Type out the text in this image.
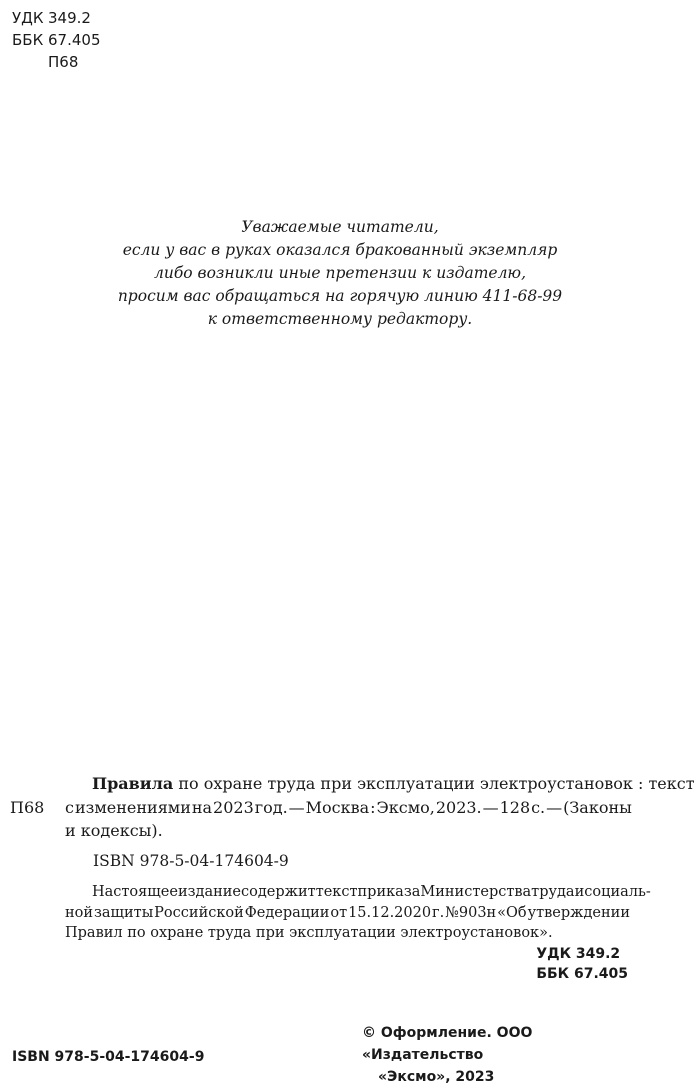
УДК 349.2
ББК 67.405
П68
Уважаемые читатели,
если у вас в руках оказался бракованный экземпляр
либо возникли иные претензии к издателю,
просим вас обращаться на горячую линию 411-68-99
к ответственному редактору.
П68
Правила по охране труда при эксплуатации электроустановок : текст
с изменениями на 2023 год. — Москва : Эксмо, 2023. — 128 с. — (Законы
и кодексы).
ISBN 978-5-04-174604-9
Настоящее издание содержит текст приказа Министерства труда и социаль-
ной защиты Российской Федерации от 15.12.2020 г. №903н «Об утверждении
Правил по охране труда при эксплуатации электроустановок».
УДК 349.2
ББК 67.405
© Оформление. ООО «Издательство
«Эксмо», 2023
ISBN 978-5-04-174604-9
